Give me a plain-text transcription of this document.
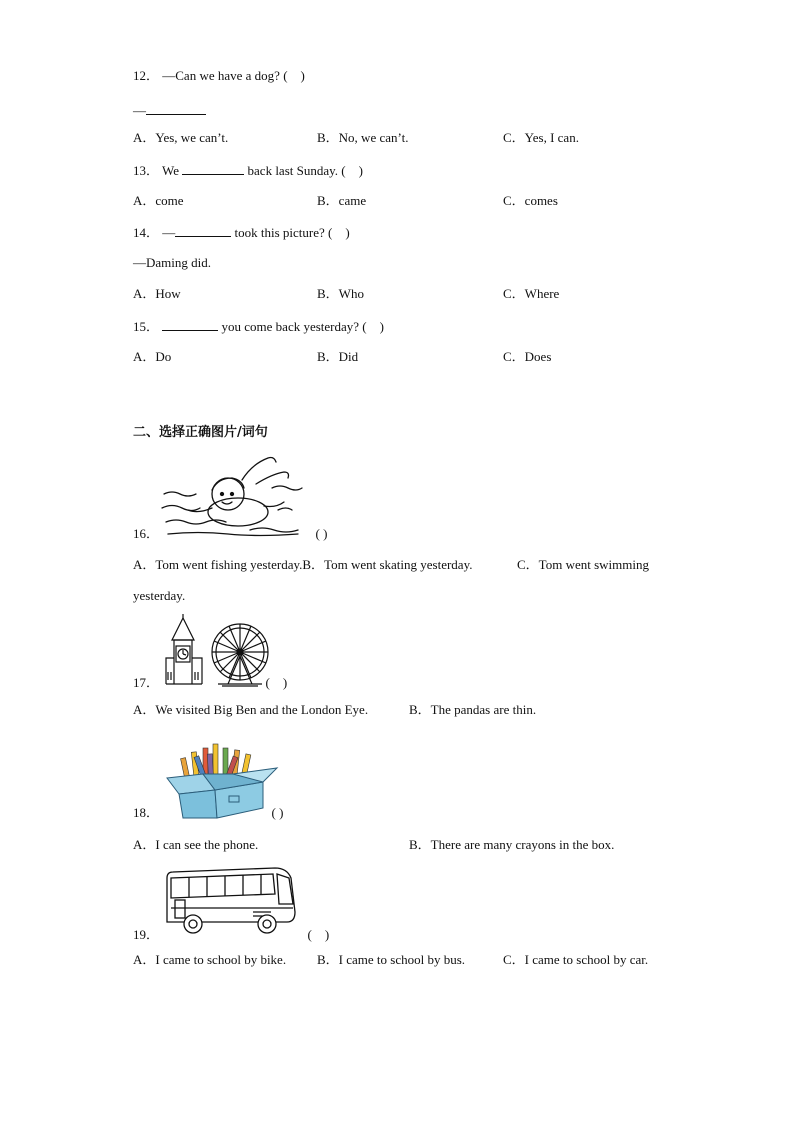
12． —Can we have a dog? (　)
—
A．Yes, we can’t.	B．No, we can’t.	C．Yes, I can.
13． We	back last Sunday. (　)
A．come	B．came	C．comes
14． —	took this picture? (　)
—Daming did.
A．How	B．Who	C．Where
15．	you come back yesterday? (　)
A．Do	B．Did	C．Does
二、选择正确图片/词句
16．	( )
A．Tom went fishing yesterday.B．Tom went skating yesterday.	C．Tom went swimming
yesterday.
17．	(　)
A．We visited Big Ben and the London Eye.	B．The pandas are thin.
18．	( )
A．I can see the phone.	B．There are many crayons in the box.
19．	(　)
A．I came to school by bike. B．I came to school by bus.	C．I came to school by car.
